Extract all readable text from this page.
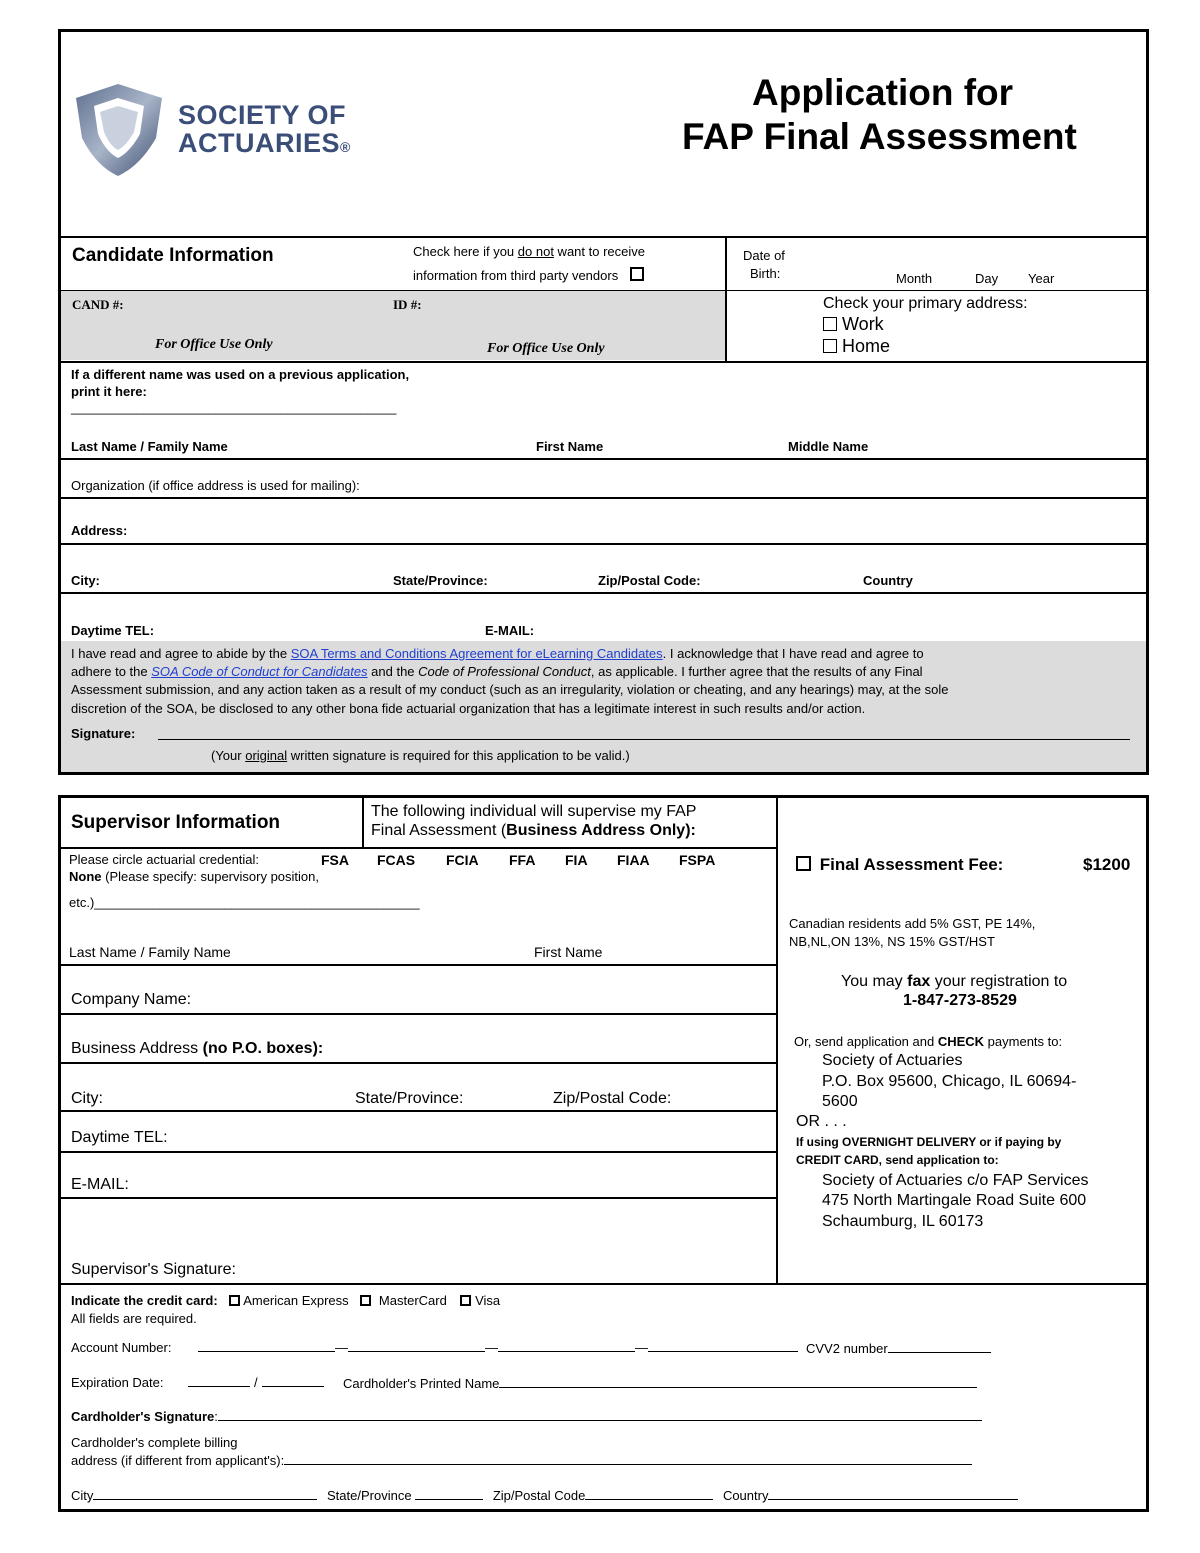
SOCIETY OF
ACTUARIES®
Application for
FAP Final Assessment
Candidate Information	Check here if you do not want to receive
information from third party vendors
Date of
Birth:	Month	Day Year
CAND #:	ID #:
For Office Use Only	For Office Use Only
Check your primary address:
Work
Home
If a different name was used on a previous application,
print it here:
_____________________________________________
Last Name / Family Name	First Name	Middle Name
Organization (if office address is used for mailing):
Address:
City:	State/Province:	Zip/Postal Code:	Country
Daytime TEL:	E-MAIL:
I have read and agree to abide by the SOA Terms and Conditions Agreement for eLearning Candidates. I acknowledge that I have read and agree to
adhere to the SOA Code of Conduct for Candidates and the Code of Professional Conduct, as applicable. I further agree that the results of any Final
Assessment submission, and any action taken as a result of my conduct (such as an irregularity, violation or cheating, and any hearings) may, at the sole
discretion of the SOA, be disclosed to any other bona fide actuarial organization that has a legitimate interest in such results and/or action.
Signature:
(Your original written signature is required for this application to be valid.)
Supervisor Information
The following individual will supervise my FAP
Final Assessment (Business Address Only):
Please circle actuarial credential:	FSA FCAS FCIA FFA FIA FIAA FSPA
None (Please specify: supervisory position,
etc.)_____________________________________________
Last Name / Family Name	First Name
Company Name:
Business Address (no P.O. boxes):
City:	State/Province:	Zip/Postal Code:
Daytime TEL:
E-MAIL:
Supervisor's Signature:
Final Assessment Fee:	$1200
Canadian residents add 5% GST, PE 14%,
NB,NL,ON 13%, NS 15% GST/HST
You may fax your registration to
1-847-273-8529
Or, send application and CHECK payments to:
Society of Actuaries
P.O. Box 95600, Chicago, IL 60694-
5600
OR . . .
If using OVERNIGHT DELIVERY or if paying by
CREDIT CARD, send application to:
Society of Actuaries c/o FAP Services
475 North Martingale Road Suite 600
Schaumburg, IL 60173
Indicate the credit card: American Express MasterCard Visa
All fields are required.
Account Number:	—	—	—	CVV2 number
Expiration Date:	/	Cardholder's Printed Name
Cardholder's Signature:
Cardholder's complete billing
address (if different from applicant's):
City	State/Province	Zip/Postal Code	Country
